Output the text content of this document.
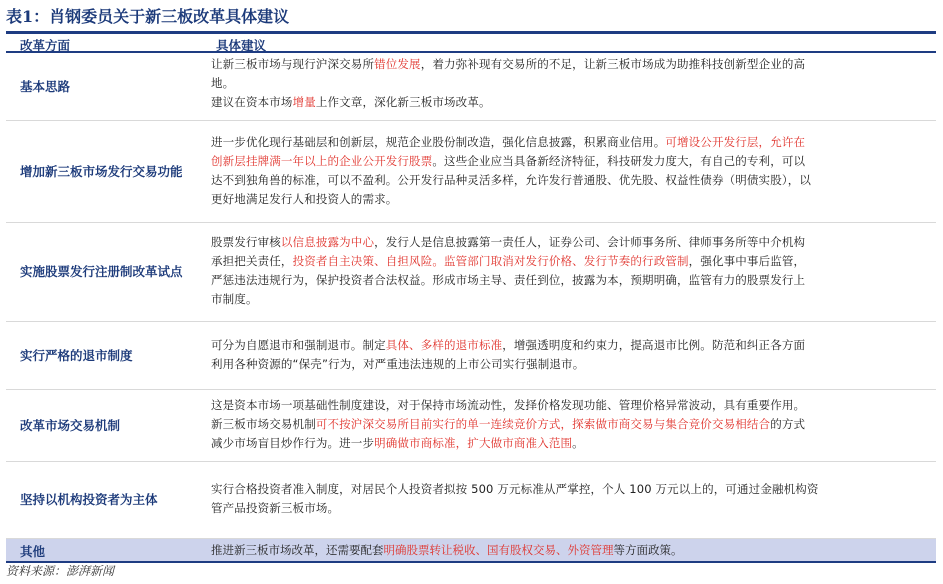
表1：肖钢委员关于新三板改革具体建议
改革方面	具体建议
基本思路

让新三板市场与现行沪深交易所错位发展，着力弥补现有交易所的不足，让新三板市场成为助推科技创新型企业的高

地。

建议在资本市场增量上作文章，深化新三板市场改革。

增加新三板市场发行交易功能

进一步优化现行基础层和创新层，规范企业股份制改造，强化信息披露，积累商业信用。可增设公开发行层，允许在

创新层挂牌满一年以上的企业公开发行股票。这些企业应当具备新经济特征，科技研发力度大，有自己的专利，可以

达不到独角兽的标准，可以不盈利。公开发行品种灵活多样，允许发行普通股、优先股、权益性债券（明债实股），以

更好地满足发行人和投资人的需求。

实施股票发行注册制改革试点

股票发行审核以信息披露为中心，发行人是信息披露第一责任人，证券公司、会计师事务所、律师事务所等中介机构

承担把关责任，投资者自主决策、自担风险。监管部门取消对发行价格、发行节奏的行政管制，强化事中事后监管，

严惩违法违规行为，保护投资者合法权益。形成市场主导、责任到位，披露为本，预期明确，监管有力的股票发行上

市制度。

实行严格的退市制度

可分为自愿退市和强制退市。制定具体、多样的退市标准，增强透明度和约束力，提高退市比例。防范和纠正各方面

利用各种资源的“保壳”行为，对严重违法违规的上市公司实行强制退市。

改革市场交易机制

这是资本市场一项基础性制度建设，对于保持市场流动性，发择价格发现功能、管理价格异常波动，具有重要作用。

新三板市场交易机制可不按沪深交易所目前实行的单一连续竞价方式，探索做市商交易与集合竞价交易相结合的方式

减少市场盲目炒作行为。进一步明确做市商标准，扩大做市商准入范围。

坚持以机构投资者为主体

实行合格投资者准入制度，对居民个人投资者拟按 500 万元标准从严掌控，个人 100 万元以上的，可通过金融机构资

管产品投资新三板市场。

其他	推进新三板市场改革，还需要配套明确股票转让税收、国有股权交易、外资管理等方面政策。
资料来源：澎湃新闻
